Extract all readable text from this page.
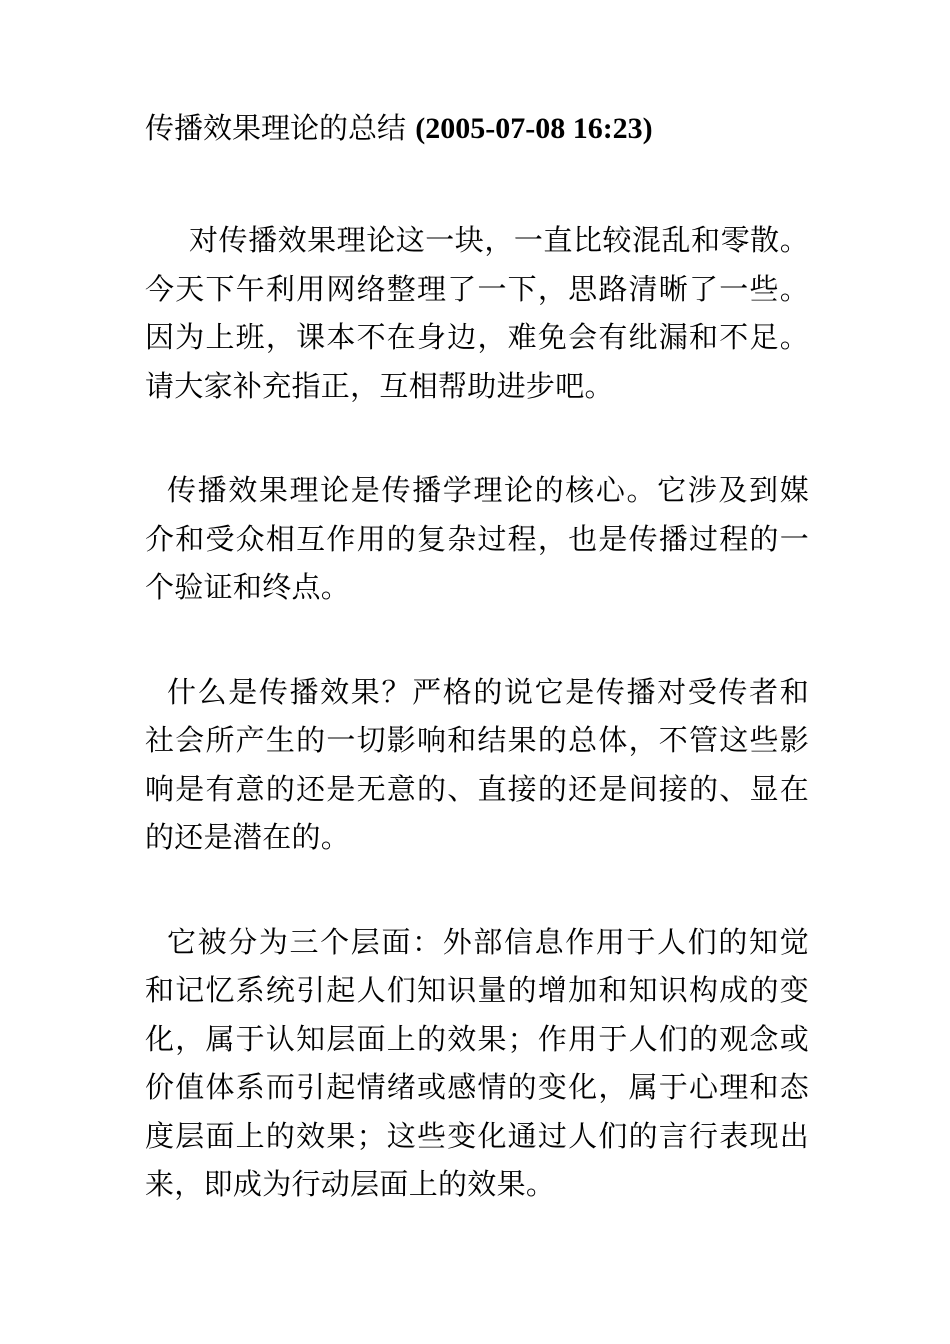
传播效果理论的总结 (2005-07-08 16:23)

对传播效果理论这一块，一直比较混乱和零散。今天下午利用网络整理了一下，思路清晰了一些。因为上班，课本不在身边，难免会有纰漏和不足。请大家补充指正，互相帮助进步吧。

传播效果理论是传播学理论的核心。它涉及到媒介和受众相互作用的复杂过程，也是传播过程的一个验证和终点。

什么是传播效果？严格的说它是传播对受传者和社会所产生的一切影响和结果的总体，不管这些影响是有意的还是无意的、直接的还是间接的、显在的还是潜在的。

它被分为三个层面：外部信息作用于人们的知觉和记忆系统引起人们知识量的增加和知识构成的变化，属于认知层面上的效果；作用于人们的观念或价值体系而引起情绪或感情的变化，属于心理和态度层面上的效果；这些变化通过人们的言行表现出来，即成为行动层面上的效果。
